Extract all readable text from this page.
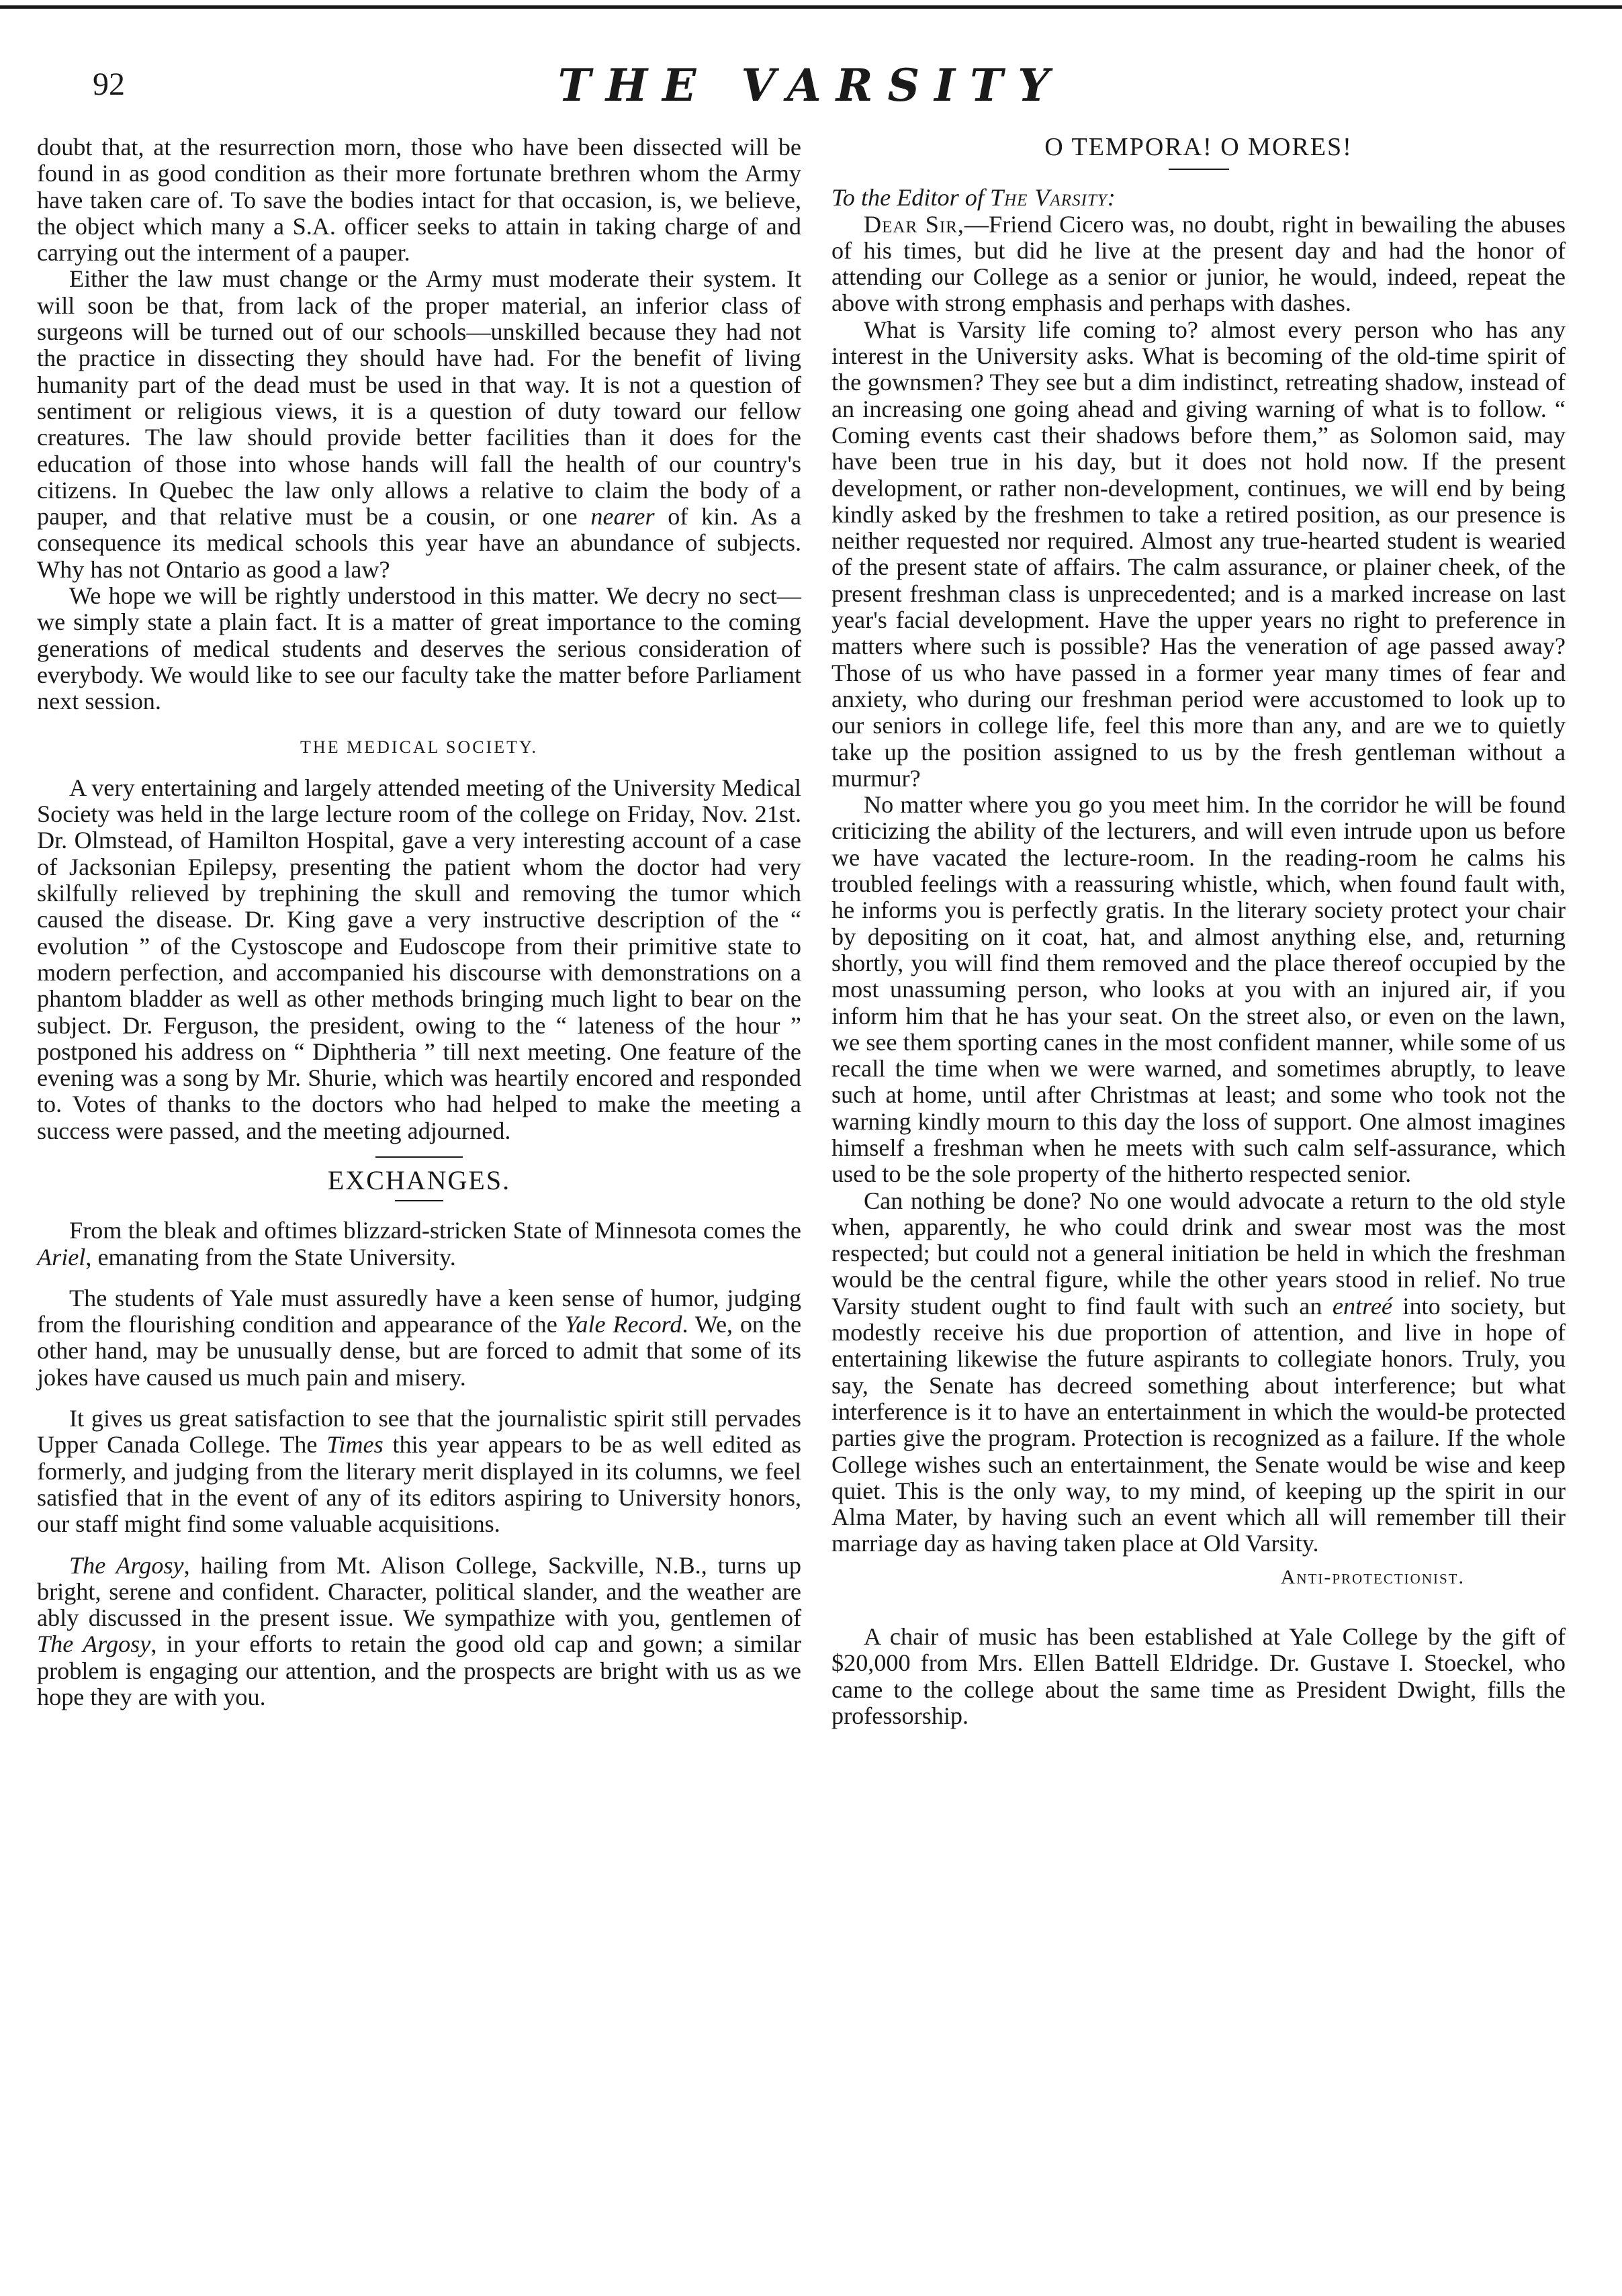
92	THE VARSITY

doubt that, at the resurrection morn, those who have been dissected will be found in as good condition as their more fortunate brethren whom the Army have taken care of. To save the bodies intact for that occasion, is, we believe, the object which many a S.A. officer seeks to attain in taking charge of and carrying out the interment of a pauper.

Either the law must change or the Army must moderate their system. It will soon be that, from lack of the proper material, an inferior class of surgeons will be turned out of our schools—unskilled because they had not the practice in dissecting they should have had. For the benefit of living humanity part of the dead must be used in that way. It is not a question of sentiment or religious views, it is a question of duty toward our fellow creatures. The law should provide better facilities than it does for the education of those into whose hands will fall the health of our country's citizens. In Quebec the law only allows a relative to claim the body of a pauper, and that relative must be a cousin, or one nearer of kin. As a consequence its medical schools this year have an abundance of subjects. Why has not Ontario as good a law?

We hope we will be rightly understood in this matter. We decry no sect—we simply state a plain fact. It is a matter of great importance to the coming generations of medical students and deserves the serious consideration of everybody. We would like to see our faculty take the matter before Parliament next session.

THE MEDICAL SOCIETY.

A very entertaining and largely attended meeting of the University Medical Society was held in the large lecture room of the college on Friday, Nov. 21st. Dr. Olmstead, of Hamilton Hospital, gave a very interesting account of a case of Jacksonian Epilepsy, presenting the patient whom the doctor had very skilfully relieved by trephining the skull and removing the tumor which caused the disease. Dr. King gave a very instructive description of the “ evolution ” of the Cystoscope and Eudoscope from their primitive state to modern perfection, and accompanied his discourse with demonstrations on a phantom bladder as well as other methods bringing much light to bear on the subject. Dr. Ferguson, the president, owing to the “ lateness of the hour ” postponed his address on “ Diphtheria ” till next meeting. One feature of the evening was a song by Mr. Shurie, which was heartily encored and responded to. Votes of thanks to the doctors who had helped to make the meeting a success were passed, and the meeting adjourned.

EXCHANGES.

From the bleak and oftimes blizzard-stricken State of Minnesota comes the Ariel, emanating from the State University.

The students of Yale must assuredly have a keen sense of humor, judging from the flourishing condition and appearance of the Yale Record. We, on the other hand, may be unusually dense, but are forced to admit that some of its jokes have caused us much pain and misery.

It gives us great satisfaction to see that the journalistic spirit still pervades Upper Canada College. The Times this year appears to be as well edited as formerly, and judging from the literary merit displayed in its columns, we feel satisfied that in the event of any of its editors aspiring to University honors, our staff might find some valuable acquisitions.

The Argosy, hailing from Mt. Alison College, Sackville, N.B., turns up bright, serene and confident. Character, political slander, and the weather are ably discussed in the present issue. We sympathize with you, gentlemen of The Argosy, in your efforts to retain the good old cap and gown; a similar problem is engaging our attention, and the prospects are bright with us as we hope they are with you.

O TEMPORA! O MORES!

To the Editor of The Varsity:

Dear Sir,—Friend Cicero was, no doubt, right in bewailing the abuses of his times, but did he live at the present day and had the honor of attending our College as a senior or junior, he would, indeed, repeat the above with strong emphasis and perhaps with dashes.

What is Varsity life coming to? almost every person who has any interest in the University asks. What is becoming of the old-time spirit of the gownsmen? They see but a dim indistinct, retreating shadow, instead of an increasing one going ahead and giving warning of what is to follow. “ Coming events cast their shadows before them,” as Solomon said, may have been true in his day, but it does not hold now. If the present development, or rather non-development, continues, we will end by being kindly asked by the freshmen to take a retired position, as our presence is neither requested nor required. Almost any true-hearted student is wearied of the present state of affairs. The calm assurance, or plainer cheek, of the present freshman class is unprecedented; and is a marked increase on last year's facial development. Have the upper years no right to preference in matters where such is possible? Has the veneration of age passed away? Those of us who have passed in a former year many times of fear and anxiety, who during our freshman period were accustomed to look up to our seniors in college life, feel this more than any, and are we to quietly take up the position assigned to us by the fresh gentleman without a murmur?

No matter where you go you meet him. In the corridor he will be found criticizing the ability of the lecturers, and will even intrude upon us before we have vacated the lecture-room. In the reading-room he calms his troubled feelings with a reassuring whistle, which, when found fault with, he informs you is perfectly gratis. In the literary society protect your chair by depositing on it coat, hat, and almost anything else, and, returning shortly, you will find them removed and the place thereof occupied by the most unassuming person, who looks at you with an injured air, if you inform him that he has your seat. On the street also, or even on the lawn, we see them sporting canes in the most confident manner, while some of us recall the time when we were warned, and sometimes abruptly, to leave such at home, until after Christmas at least; and some who took not the warning kindly mourn to this day the loss of support. One almost imagines himself a freshman when he meets with such calm self-assurance, which used to be the sole property of the hitherto respected senior.

Can nothing be done? No one would advocate a return to the old style when, apparently, he who could drink and swear most was the most respected; but could not a general initiation be held in which the freshman would be the central figure, while the other years stood in relief. No true Varsity student ought to find fault with such an entreé into society, but modestly receive his due proportion of attention, and live in hope of entertaining likewise the future aspirants to collegiate honors. Truly, you say, the Senate has decreed something about interference; but what interference is it to have an entertainment in which the would-be protected parties give the program. Protection is recognized as a failure. If the whole College wishes such an entertainment, the Senate would be wise and keep quiet. This is the only way, to my mind, of keeping up the spirit in our Alma Mater, by having such an event which all will remember till their marriage day as having taken place at Old Varsity.

Anti-protectionist.

A chair of music has been established at Yale College by the gift of $20,000 from Mrs. Ellen Battell Eldridge. Dr. Gustave I. Stoeckel, who came to the college about the same time as President Dwight, fills the professorship.
